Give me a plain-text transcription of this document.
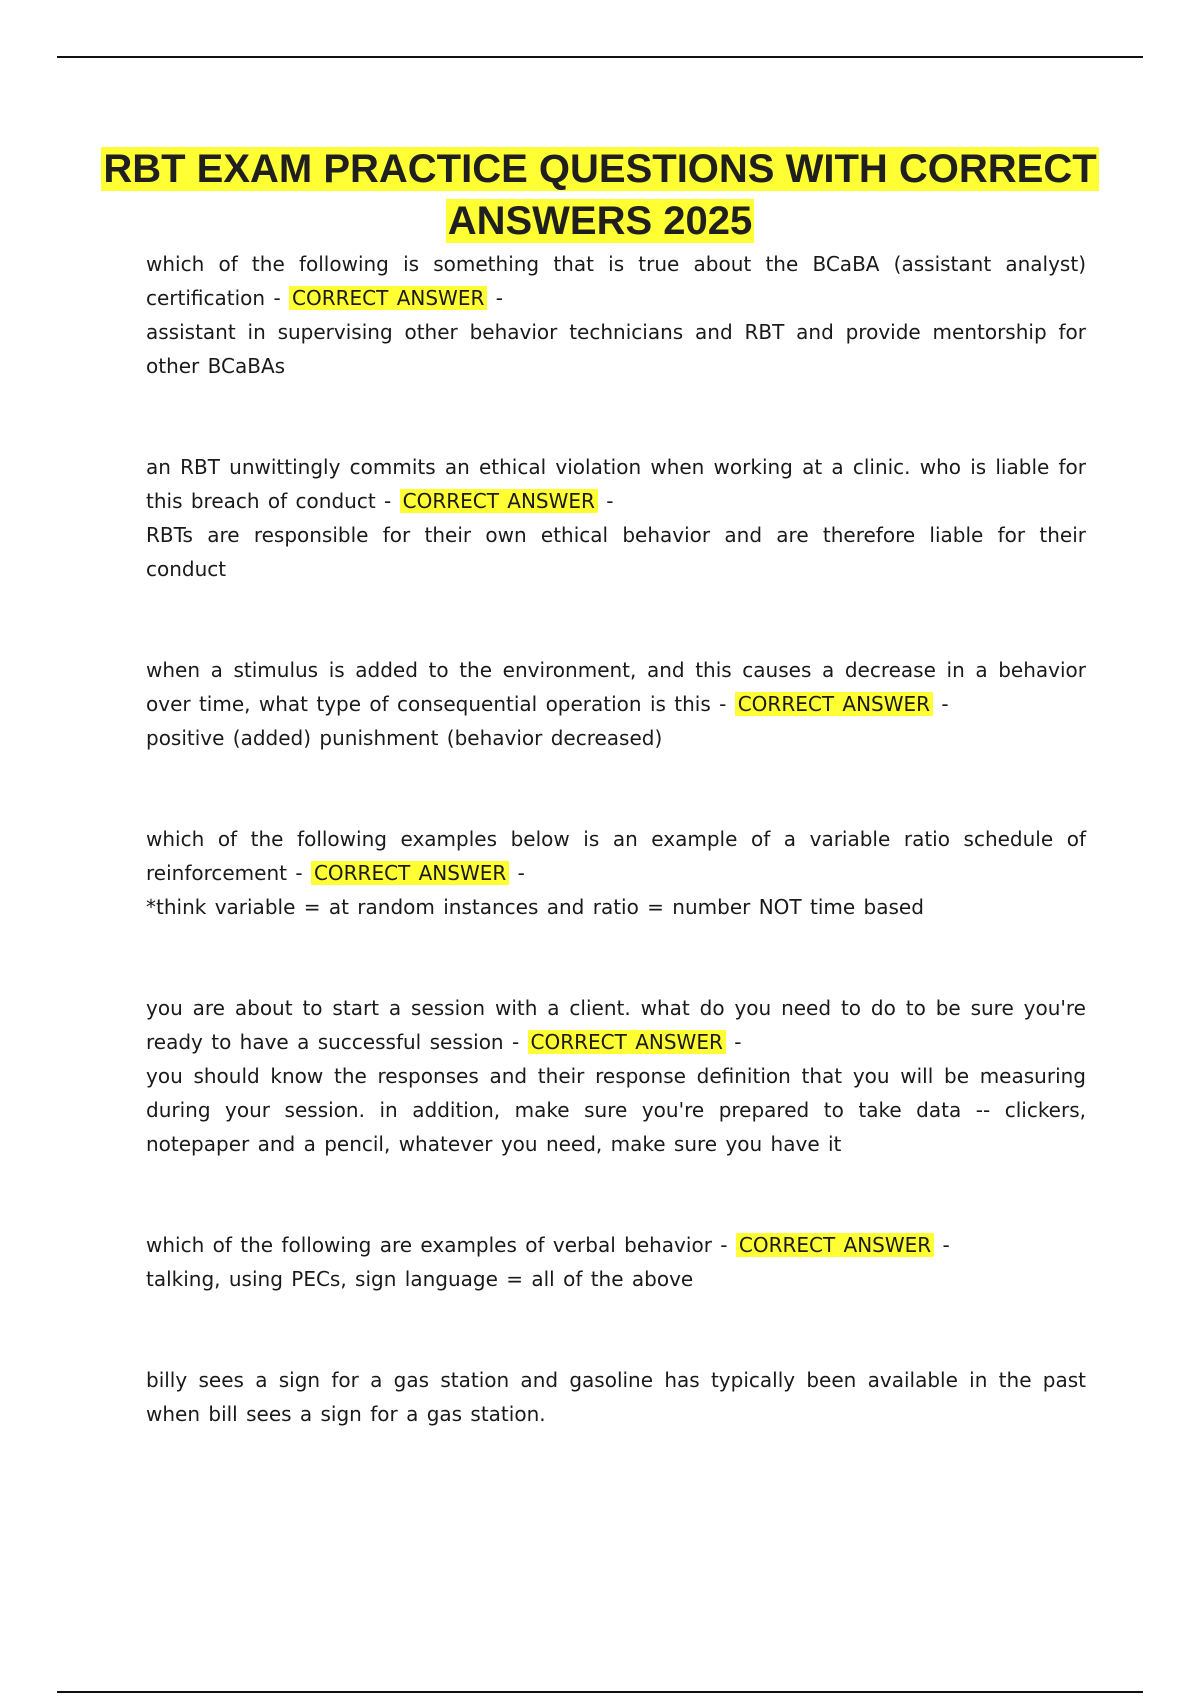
RBT EXAM PRACTICE QUESTIONS WITH CORRECT ANSWERS 2025

which of the following is something that is true about the BCaBA (assistant analyst) certification - CORRECT ANSWER -

assistant in supervising other behavior technicians and RBT and provide mentorship for other BCaBAs

an RBT unwittingly commits an ethical violation when working at a clinic. who is liable for this breach of conduct - CORRECT ANSWER -

RBTs are responsible for their own ethical behavior and are therefore liable for their conduct

when a stimulus is added to the environment, and this causes a decrease in a behavior over time, what type of consequential operation is this - CORRECT ANSWER -

positive (added) punishment (behavior decreased)

which of the following examples below is an example of a variable ratio schedule of reinforcement - CORRECT ANSWER -

*think variable = at random instances and ratio = number NOT time based

you are about to start a session with a client. what do you need to do to be sure you're ready to have a successful session - CORRECT ANSWER -

you should know the responses and their response definition that you will be measuring during your session. in addition, make sure you're prepared to take data -- clickers, notepaper and a pencil, whatever you need, make sure you have it

which of the following are examples of verbal behavior - CORRECT ANSWER -

talking, using PECs, sign language = all of the above

billy sees a sign for a gas station and gasoline has typically been available in the past when bill sees a sign for a gas station.
